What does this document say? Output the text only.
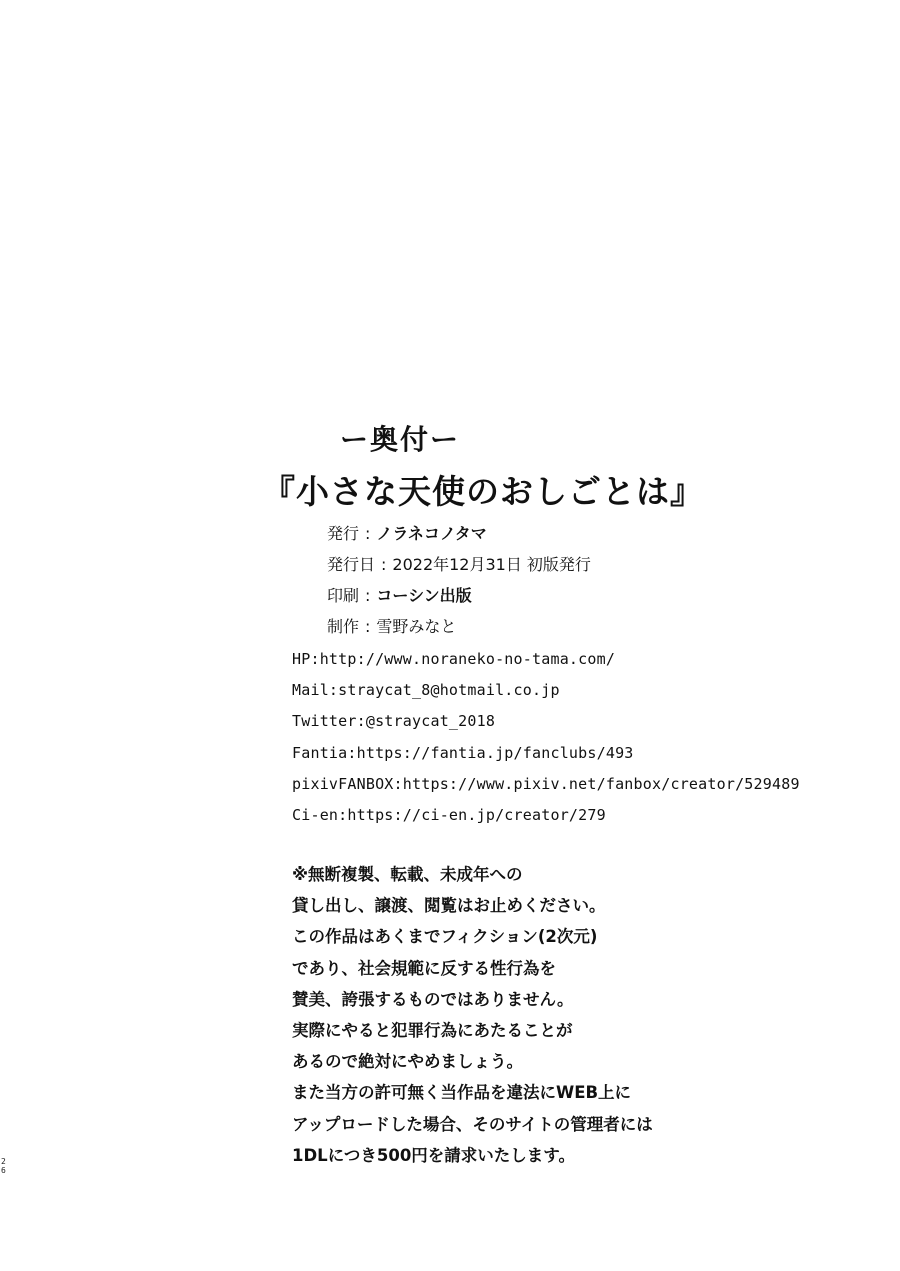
ー奥付ー
『小さな天使のおしごとは』
発行 : ノラネコノタマ
発行日 : 2022年12月31日 初版発行
印刷 : コーシン出版
制作 : 雪野みなと
HP:http://www.noraneko-no-tama.com/
Mail:straycat_8@hotmail.co.jp
Twitter:@straycat_2018
Fantia:https://fantia.jp/fanclubs/493
pixivFANBOX:https://www.pixiv.net/fanbox/creator/529489
Ci-en:https://ci-en.jp/creator/279
※無断複製、転載、未成年への
貸し出し、譲渡、閲覧はお止めください。
この作品はあくまでフィクション(2次元)
であり、社会規範に反する性行為を
賛美、誇張するものではありません。
実際にやると犯罪行為にあたることが
あるので絶対にやめましょう。
また当方の許可無く当作品を違法にWEB上に
アップロードした場合、そのサイトの管理者には
1DLにつき500円を請求いたします。
26
